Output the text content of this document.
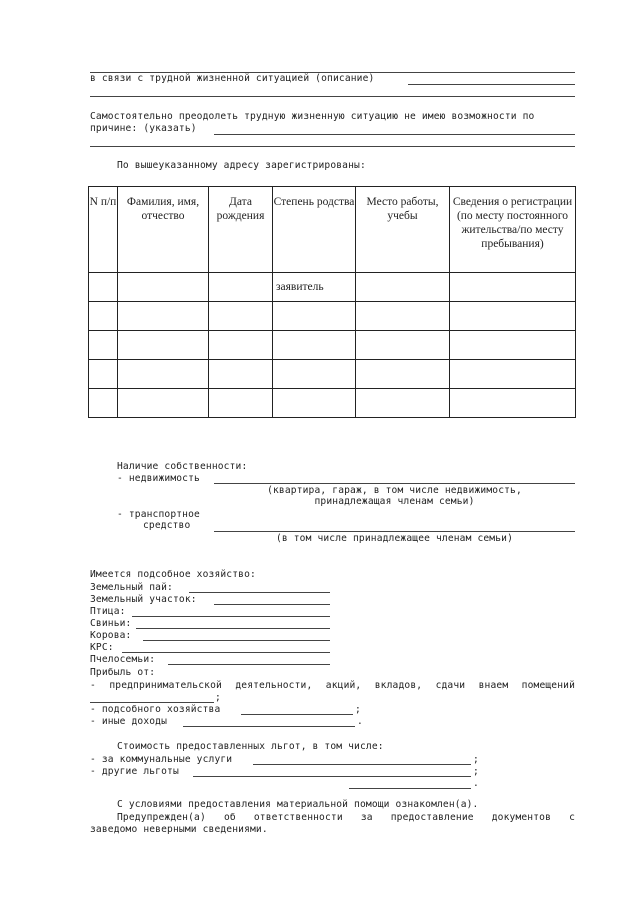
в связи с трудной жизненной ситуацией (описание)
Самостоятельно преодолеть трудную жизненную ситуацию не имею возможности по
причине: (указать)
По вышеуказанному адресу зарегистрированы:
N п/п	Фамилия, имя, отчество	Дата рождения	Степень родства	Место работы, учебы	Сведения о регистрации (по месту постоянного жительства/по месту пребывания)
			заявитель		

Наличие собственности:
- недвижимость
(квартира, гараж, в том числе недвижимость,
принадлежащая членам семьи)
- транспортное
средство
(в том числе принадлежащее членам семьи)
Имеется подсобное хозяйство:
Земельный пай:
Земельный участок:
Птица:
Свиньи:
Корова:
КРС:
Пчелосемьи:
Прибыль от:
- предпринимательской деятельности, акций, вкладов, сдачи внаем помещений
;
- подсобного хозяйства	;
- иные доходы	.
Стоимость предоставленных льгот, в том числе:
- за коммунальные услуги	;
- другие льготы	;
.
С условиями предоставления материальной помощи ознакомлен(а).
Предупрежден(а) об ответственности за предоставление документов с
заведомо неверными сведениями.
